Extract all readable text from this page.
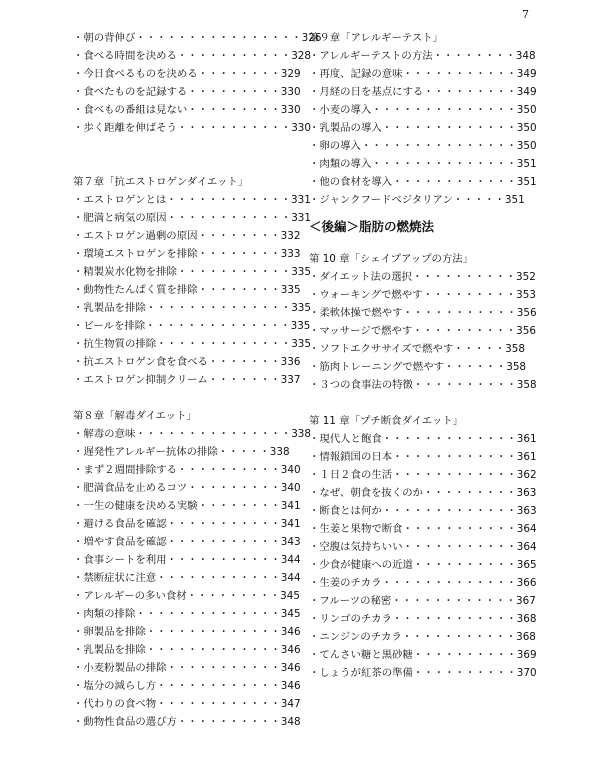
7
・朝の背伸び・・・・・・・・・・・・・・・・326
・食べる時間を決める・・・・・・・・・・・328
・今日食べるものを決める・・・・・・・・329
・食べたものを記録する・・・・・・・・・330
・食べもの番組は見ない・・・・・・・・・330
・歩く距離を伸ばそう・・・・・・・・・・・330
第７章「抗エストロゲンダイエット」
・エストロゲンとは・・・・・・・・・・・・331
・肥満と病気の原因・・・・・・・・・・・・331
・エストロゲン過剰の原因・・・・・・・・332
・環境エストロゲンを排除・・・・・・・・333
・精製炭水化物を排除・・・・・・・・・・・335
・動物性たんぱく質を排除・・・・・・・・335
・乳製品を排除・・・・・・・・・・・・・・335
・ビールを排除・・・・・・・・・・・・・・335
・抗生物質の排除・・・・・・・・・・・・・335
・抗エストロゲン食を食べる・・・・・・・336
・エストロゲン抑制クリーム・・・・・・・337
第８章「解毒ダイエット」
・解毒の意味・・・・・・・・・・・・・・・338
・遅発性アレルギー抗体の排除・・・・・338
・まず２週間排除する・・・・・・・・・・340
・肥満食品を止めるコツ・・・・・・・・・340
・一生の健康を決める実験・・・・・・・・341
・避ける食品を確認・・・・・・・・・・・341
・増やす食品を確認・・・・・・・・・・・343
・食事シートを利用・・・・・・・・・・・344
・禁断症状に注意・・・・・・・・・・・・344
・アレルギーの多い食材・・・・・・・・・345
・肉類の排除・・・・・・・・・・・・・・345
・卵製品を排除・・・・・・・・・・・・・346
・乳製品を排除・・・・・・・・・・・・・346
・小麦粉製品の排除・・・・・・・・・・・346
・塩分の減らし方・・・・・・・・・・・・346
・代わりの食べ物・・・・・・・・・・・・347
・動物性食品の選び方・・・・・・・・・・348
第９章「アレルギーテスト」
・アレルギーテストの方法・・・・・・・・348
・再度、記録の意味・・・・・・・・・・・349
・月経の日を基点にする・・・・・・・・・349
・小麦の導入・・・・・・・・・・・・・・350
・乳製品の導入・・・・・・・・・・・・・350
・卵の導入・・・・・・・・・・・・・・・350
・肉類の導入・・・・・・・・・・・・・・351
・他の食材を導入・・・・・・・・・・・・351
・ジャンクフードベジタリアン・・・・・351
＜後編＞脂肪の燃焼法
第 10 章「シェイプアップの方法」
・ダイエット法の選択・・・・・・・・・・352
・ウォーキングで燃やす・・・・・・・・・353
・柔軟体操で燃やす・・・・・・・・・・・356
・マッサージで燃やす・・・・・・・・・・356
・ソフトエクササイズで燃やす・・・・・358
・筋肉トレーニングで燃やす・・・・・・358
・３つの食事法の特徴・・・・・・・・・・358
第 11 章「プチ断食ダイエット」
・現代人と飽食・・・・・・・・・・・・・361
・情報鎖国の日本・・・・・・・・・・・・361
・１日２食の生活・・・・・・・・・・・・362
・なぜ、朝食を抜くのか・・・・・・・・・363
・断食とは何か・・・・・・・・・・・・・363
・生姜と果物で断食・・・・・・・・・・・364
・空腹は気持ちいい・・・・・・・・・・・364
・少食が健康への近道・・・・・・・・・・365
・生姜のチカラ・・・・・・・・・・・・・366
・フルーツの秘密・・・・・・・・・・・・367
・リンゴのチカラ・・・・・・・・・・・・368
・ニンジンのチカラ・・・・・・・・・・・368
・てんさい糖と黒砂糖・・・・・・・・・・369
・しょうが紅茶の準備・・・・・・・・・・370
